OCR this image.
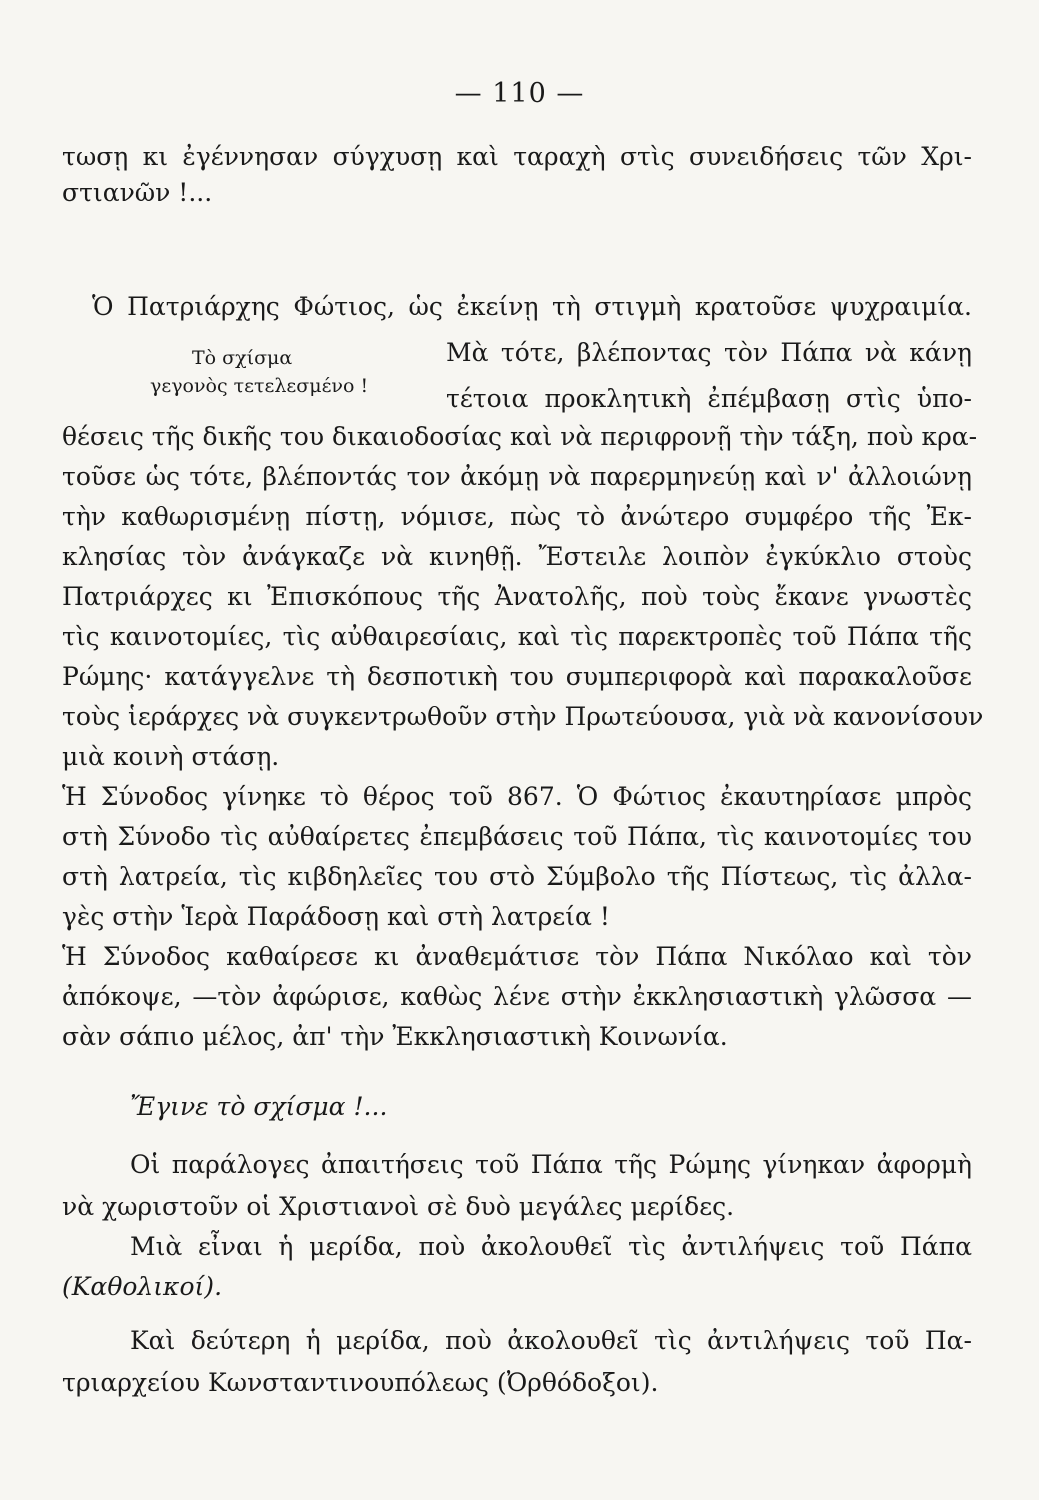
— 110 —
τωσῃ κι ἐγέννησαν σύγχυσῃ καὶ ταραχὴ στὶς συνειδήσεις τῶν Χρι-
στιανῶν !...
Ὁ Πατριάρχης Φώτιος, ὡς ἐκείνῃ τὴ στιγμὴ κρατοῦσε ψυχραιμία.
Τὸ σχίσμα
γεγονὸς τετελεσμένο !
Μὰ τότε, βλέποντας τὸν Πάπα νὰ κάνῃ
τέτοια προκλητικὴ ἐπέμβασῃ στὶς ὑπο-
θέσεις τῆς δικῆς του δικαιοδοσίας καὶ νὰ περιφρονῇ τὴν τάξη, ποὺ κρα-
τοῦσε ὡς τότε, βλέποντάς τον ἀκόμῃ νὰ παρερμηνεύῃ καὶ ν' ἀλλοιώνῃ
τὴν καθωρισμένῃ πίστῃ, νόμισε, πὼς τὸ ἀνώτερο συμφέρο τῆς Ἐκ-
κλησίας τὸν ἀνάγκαζε νὰ κινηθῇ. Ἔστειλε λοιπὸν ἐγκύκλιο στοὺς
Πατριάρχες κι Ἐπισκόπους τῆς Ἀνατολῆς, ποὺ τοὺς ἔκανε γνωστὲς
τὶς καινοτομίες, τὶς αὐθαιρεσίαις, καὶ τὶς παρεκτροπὲς τοῦ Πάπα τῆς
Ρώμης· κατάγγελνε τὴ δεσποτικὴ του συμπεριφορὰ καὶ παρακαλοῦσε
τοὺς ἱεράρχες νὰ συγκεντρωθοῦν στὴν Πρωτεύουσα, γιὰ νὰ κανονίσουν
μιὰ κοινὴ στάσῃ.
Ἡ Σύνοδος γίνηκε τὸ θέρος τοῦ 867. Ὁ Φώτιος ἐκαυτηρίασε μπρὸς
στὴ Σύνοδο τὶς αὐθαίρετες ἐπεμβάσεις τοῦ Πάπα, τὶς καινοτομίες του
στὴ λατρεία, τὶς κιβδηλεῖες του στὸ Σύμβολο τῆς Πίστεως, τὶς ἀλλα-
γὲς στὴν Ἱερὰ Παράδοσῃ καὶ στὴ λατρεία !
Ἡ Σύνοδος καθαίρεσε κι ἀναθεμάτισε τὸν Πάπα Νικόλαο καὶ τὸν
ἀπόκοψε, —τὸν ἀφώρισε, καθὼς λένε στὴν ἐκκλησιαστικὴ γλῶσσα —
σὰν σάπιο μέλος, ἀπ' τὴν Ἐκκλησιαστικὴ Κοινωνία.
Ἔγινε τὸ σχίσμα !...
Οἱ παράλογες ἀπαιτήσεις τοῦ Πάπα τῆς Ρώμης γίνηκαν ἀφορμὴ
νὰ χωριστοῦν οἱ Χριστιανοὶ σὲ δυὸ μεγάλες μερίδες.
Μιὰ εἶναι ἡ μερίδα, ποὺ ἀκολουθεῖ τὶς ἀντιλήψεις τοῦ Πάπα
(Καθολικοί).
Καὶ δεύτερη ἡ μερίδα, ποὺ ἀκολουθεῖ τὶς ἀντιλήψεις τοῦ Πα-
τριαρχείου Κωνσταντινουπόλεως (Ὀρθόδοξοι).
